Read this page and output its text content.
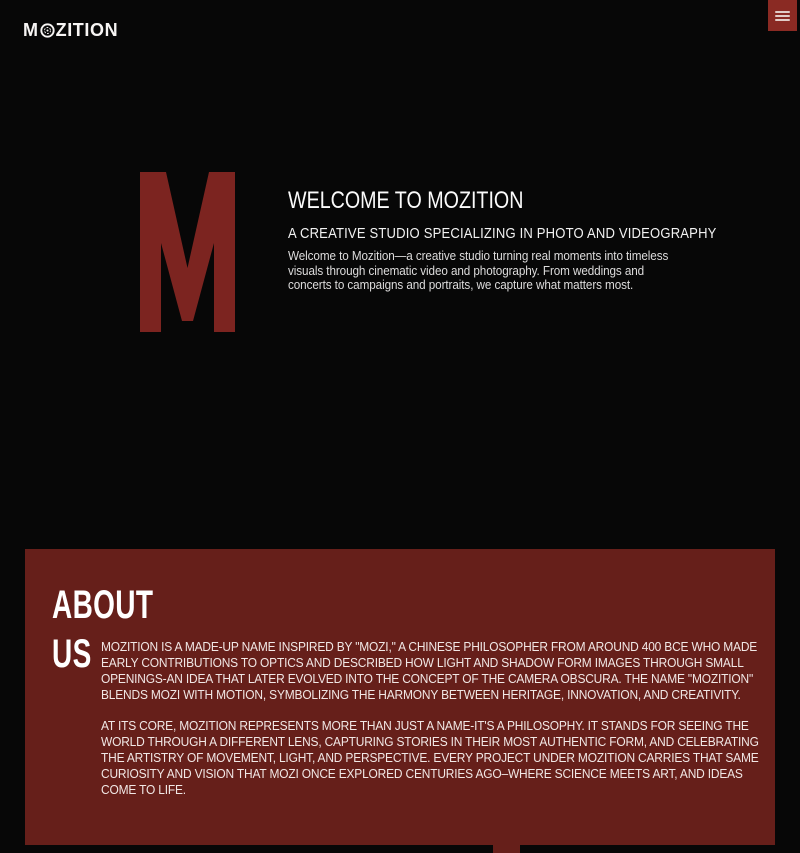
M ZITION
WELCOME TO MOZITION
A CREATIVE STUDIO SPECIALIZING IN PHOTO AND VIDEOGRAPHY

Welcome to Mozition—a creative studio turning real moments into timeless visuals through cinematic video and photography. From weddings and concerts to campaigns and portraits, we capture what matters most.

ABOUT
US MOZITION IS A MADE-UP NAME INSPIRED BY "MOZI," A CHINESE PHILOSOPHER FROM AROUND 400 BCE WHO MADE EARLY CONTRIBUTIONS TO OPTICS AND DESCRIBED HOW LIGHT AND SHADOW FORM IMAGES THROUGH SMALL OPENINGS-AN IDEA THAT LATER EVOLVED INTO THE CONCEPT OF THE CAMERA OBSCURA. THE NAME "MOZITION" BLENDS MOZI WITH MOTION, SYMBOLIZING THE HARMONY BETWEEN HERITAGE, INNOVATION, AND CREATIVITY.

AT ITS CORE, MOZITION REPRESENTS MORE THAN JUST A NAME-IT'S A PHILOSOPHY. IT STANDS FOR SEEING THE WORLD THROUGH A DIFFERENT LENS, CAPTURING STORIES IN THEIR MOST AUTHENTIC FORM, AND CELEBRATING THE ARTISTRY OF MOVEMENT, LIGHT, AND PERSPECTIVE. EVERY PROJECT UNDER MOZITION CARRIES THAT SAME CURIOSITY AND VISION THAT MOZI ONCE EXPLORED CENTURIES AGO–WHERE SCIENCE MEETS ART, AND IDEAS COME TO LIFE.
